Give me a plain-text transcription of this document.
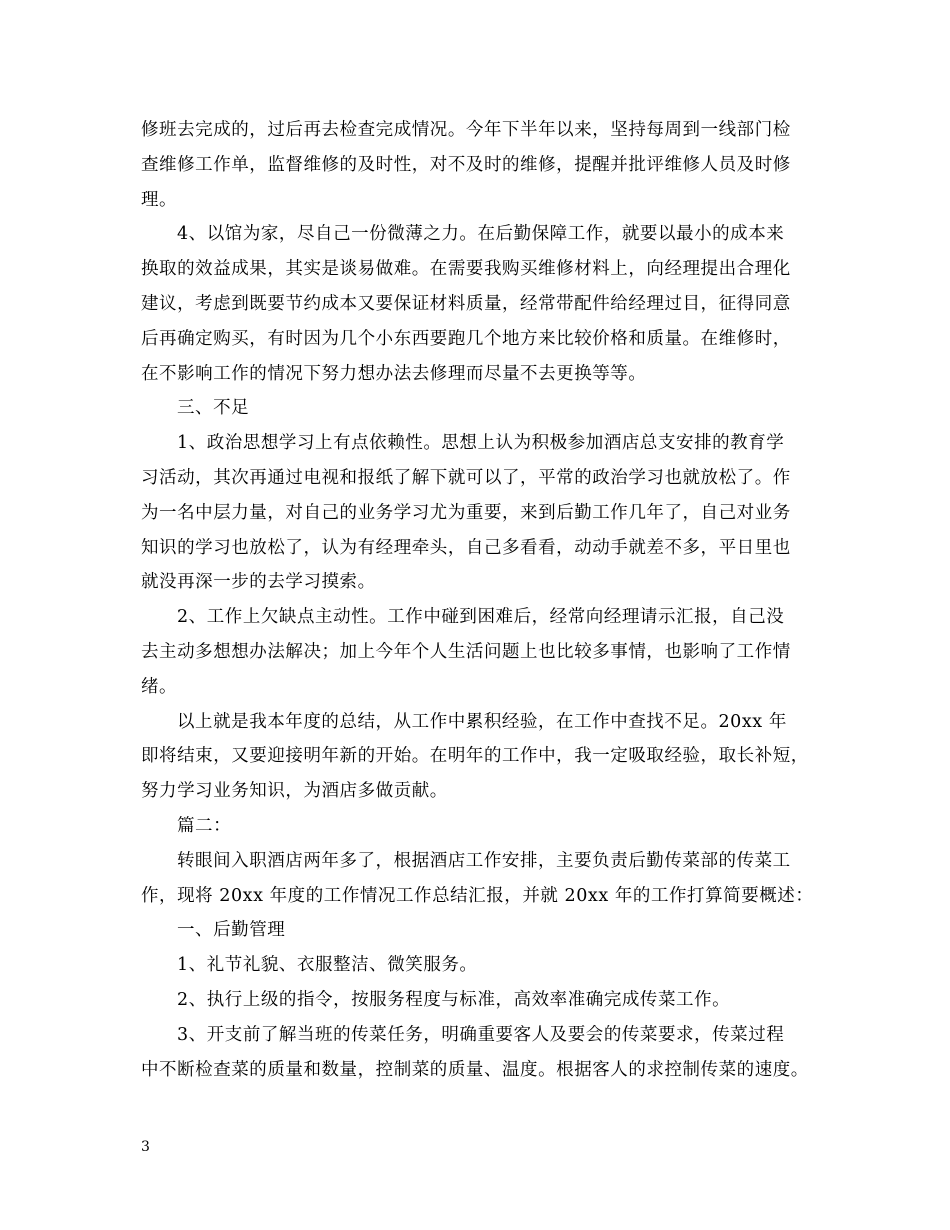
修班去完成的，过后再去检查完成情况。今年下半年以来，坚持每周到一线部门检
查维修工作单，监督维修的及时性，对不及时的维修，提醒并批评维修人员及时修
理。

4、以馆为家，尽自己一份微薄之力。在后勤保障工作，就要以最小的成本来
换取的效益成果，其实是谈易做难。在需要我购买维修材料上，向经理提出合理化
建议，考虑到既要节约成本又要保证材料质量，经常带配件给经理过目，征得同意
后再确定购买，有时因为几个小东西要跑几个地方来比较价格和质量。在维修时，
在不影响工作的情况下努力想办法去修理而尽量不去更换等等。

三、不足

1、政治思想学习上有点依赖性。思想上认为积极参加酒店总支安排的教育学
习活动，其次再通过电视和报纸了解下就可以了，平常的政治学习也就放松了。作
为一名中层力量，对自己的业务学习尤为重要，来到后勤工作几年了，自己对业务
知识的学习也放松了，认为有经理牵头，自己多看看，动动手就差不多，平日里也
就没再深一步的去学习摸索。

2、工作上欠缺点主动性。工作中碰到困难后，经常向经理请示汇报，自己没
去主动多想想办法解决；加上今年个人生活问题上也比较多事情，也影响了工作情
绪。

以上就是我本年度的总结，从工作中累积经验，在工作中查找不足。20xx 年
即将结束，又要迎接明年新的开始。在明年的工作中，我一定吸取经验，取长补短，
努力学习业务知识，为酒店多做贡献。

篇二：

转眼间入职酒店两年多了，根据酒店工作安排，主要负责后勤传菜部的传菜工
作，现将 20xx 年度的工作情况工作总结汇报，并就 20xx 年的工作打算简要概述：

一、后勤管理

1、礼节礼貌、衣服整洁、微笑服务。

2、执行上级的指令，按服务程度与标准，高效率准确完成传菜工作。

3、开支前了解当班的传菜任务，明确重要客人及要会的传菜要求，传菜过程
中不断检查菜的质量和数量，控制菜的质量、温度。根据客人的求控制传菜的速度。

3
